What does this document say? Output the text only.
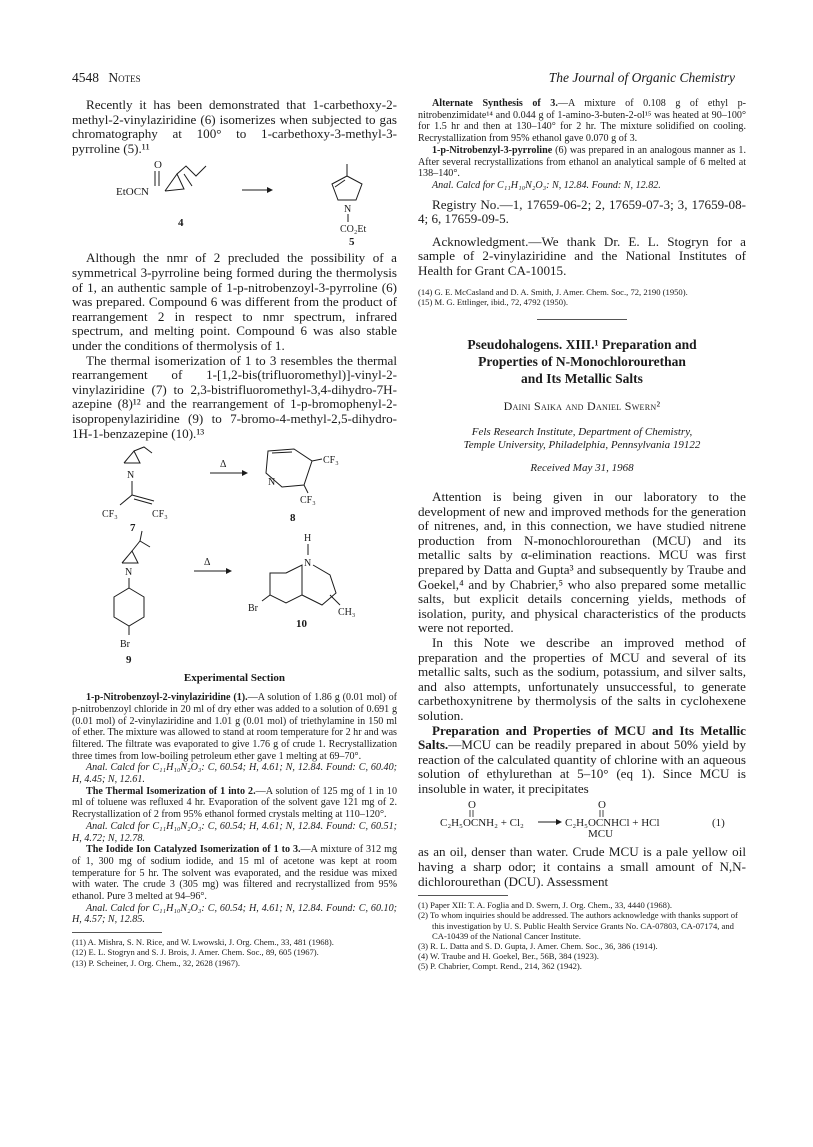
4548 Notes	The Journal of Organic Chemistry

Recently it has been demonstrated that 1-carbethoxy-2-methyl-2-vinylaziridine (6) isomerizes when subjected to gas chromatography at 100° to 1-carbethoxy-3-methyl-3-pyrroline (5).¹¹

O
EtOCN
N
CO₂Et
4
5

Although the nmr of 2 precluded the possibility of a symmetrical 3-pyrroline being formed during the thermolysis of 1, an authentic sample of 1-p-nitrobenzoyl-3-pyrroline (6) was prepared. Compound 6 was different from the product of rearrangement 2 in respect to nmr spectrum, infrared spectrum, and melting point. Compound 6 was also stable under the conditions of thermolysis of 1.

The thermal isomerization of 1 to 3 resembles the thermal rearrangement of 1-[1,2-bis(trifluoromethyl)]-vinyl-2-vinylaziridine (7) to 2,3-bistrifluoromethyl-3,4-dihydro-7H-azepine (8)¹² and the rearrangement of 1-p-bromophenyl-2-isopropenylaziridine (9) to 7-bromo-4-methyl-2,5-dihydro-1H-1-benzazepine (10).¹³

N
CF₃	CF₃
7
Δ
N
CF₃
CF₃
8
N
Br
9
Δ
H
N
CH₃
Br
10
Experimental Section

1-p-Nitrobenzoyl-2-vinylaziridine (1).—A solution of 1.86 g (0.01 mol) of p-nitrobenzoyl chloride in 20 ml of dry ether was added to a solution of 0.691 g (0.01 mol) of 2-vinylaziridine and 1.01 g (0.01 mol) of triethylamine in 150 ml of ether. The mixture was allowed to stand at room temperature for 2 hr and was filtered. The filtrate was evaporated to give 1.76 g of crude 1. Recrystallization three times from low-boiling petroleum ether gave 1 melting at 69–70°.

Anal. Calcd for C₁₁H₁₀N₂O₃: C, 60.54; H, 4.61; N, 12.84. Found: C, 60.40; H, 4.45; N, 12.61.

The Thermal Isomerization of 1 into 2.—A solution of 125 mg of 1 in 10 ml of toluene was refluxed 4 hr. Evaporation of the solvent gave 121 mg of 2. Recrystallization of 2 from 95% ethanol formed crystals melting at 110–120°.

Anal. Calcd for C₁₁H₁₀N₂O₃: C, 60.54; H, 4.61; N, 12.84. Found: C, 60.51; H, 4.72; N, 12.78.

The Iodide Ion Catalyzed Isomerization of 1 to 3.—A mixture of 312 mg of 1, 300 mg of sodium iodide, and 15 ml of acetone was kept at room temperature for 5 hr. The solvent was evaporated, and the residue was mixed with water. The crude 3 (305 mg) was filtered and recrystallized from 95% ethanol. Pure 3 melted at 94–96°.

Anal. Calcd for C₁₁H₁₀N₂O₃: C, 60.54; H, 4.61; N, 12.84. Found: C, 60.10; H, 4.57; N, 12.85.

(11) A. Mishra, S. N. Rice, and W. Lwowski, J. Org. Chem., 33, 481 (1968).

(12) E. L. Stogryn and S. J. Brois, J. Amer. Chem. Soc., 89, 605 (1967).

(13) P. Scheiner, J. Org. Chem., 32, 2628 (1967).

Alternate Synthesis of 3.—A mixture of 0.108 g of ethyl p-nitrobenzimidate¹⁴ and 0.044 g of 1-amino-3-buten-2-ol¹⁵ was heated at 90–100° for 1.5 hr and then at 130–140° for 2 hr. The mixture solidified on cooling. Recrystallization from 95% ethanol gave 0.070 g of 3.

1-p-Nitrobenzyl-3-pyrroline (6) was prepared in an analogous manner as 1. After several recrystallizations from ethanol an analytical sample of 6 melted at 138–140°.

Anal. Calcd for C₁₁H₁₀N₂O₃: N, 12.84. Found: N, 12.82.

Registry No.—1, 17659-06-2; 2, 17659-07-3; 3, 17659-08-4; 6, 17659-09-5.

Acknowledgment.—We thank Dr. E. L. Stogryn for a sample of 2-vinylaziridine and the National Institutes of Health for Grant CA-10015.

(14) G. E. McCasland and D. A. Smith, J. Amer. Chem. Soc., 72, 2190 (1950).

(15) M. G. Ettlinger, ibid., 72, 4792 (1950).

Pseudohalogens. XIII.¹ Preparation and
Properties of N-Monochlorourethan
and Its Metallic Salts
Daini Saika and Daniel Swern²
Fels Research Institute, Department of Chemistry,
Temple University, Philadelphia, Pennsylvania 19122
Received May 31, 1968

Attention is being given in our laboratory to the development of new and improved methods for the generation of nitrenes, and, in this connection, we have studied nitrene production from N-monochlorourethan (MCU) and its metallic salts by α-elimination reactions. MCU was first prepared by Datta and Gupta³ and subsequently by Traube and Goekel,⁴ and by Chabrier,⁵ who also prepared some metallic salts, but explicit details concerning yields, methods of isolation, purity, and physical characteristics of the products were not reported.

In this Note we describe an improved method of preparation and the properties of MCU and several of its metallic salts, such as the sodium, potassium, and silver salts, and also attempts, unfortunately unsuccessful, to generate carbethoxynitrene by thermolysis of the salts in cyclohexene solution.

Preparation and Properties of MCU and Its Metallic Salts.—MCU can be readily prepared in about 50% yield by reaction of the calculated quantity of chlorine with an aqueous solution of ethylurethan at 5–10° (eq 1). Since MCU is insoluble in water, it precipitates

O
C₂H₅OCNH₂ + Cl₂
O
C₂H₅OCNHCl + HCl	(1)
MCU

as an oil, denser than water. Crude MCU is a pale yellow oil having a sharp odor; it contains a small amount of N,N-dichlorourethan (DCU). Assessment

(1) Paper XII: T. A. Foglia and D. Swern, J. Org. Chem., 33, 4440 (1968).

(2) To whom inquiries should be addressed. The authors acknowledge with thanks support of this investigation by U. S. Public Health Service Grants No. CA-07803, CA-07174, and CA-10439 of the National Cancer Institute.

(3) R. L. Datta and S. D. Gupta, J. Amer. Chem. Soc., 36, 386 (1914).

(4) W. Traube and H. Goekel, Ber., 56B, 384 (1923).

(5) P. Chabrier, Compt. Rend., 214, 362 (1942).
